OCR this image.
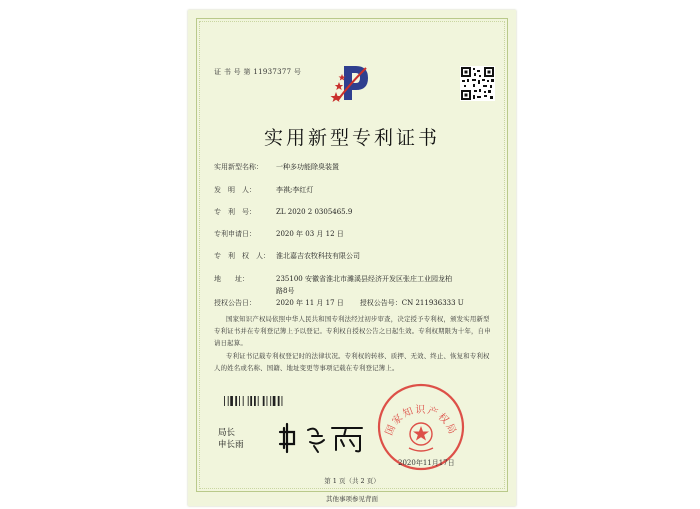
证 书 号 第 11937377 号
实用新型专利证书
实用新型名称： 一种多功能除臭装置
发　明　人：	李祺;李红灯
专　利　号：	ZL 2020 2 0305465.9
专利申请日：	2020 年 03 月 12 日
专　利　权　人： 淮北嘉吉农牧科技有限公司
地　　址：	235100 安徽省淮北市濉溪县经济开发区张庄工业园龙柏
路8号
授权公告日：	2020 年 11 月 17 日 授权公告号：CN 211936333 U
国家知识产权局依照中华人民共和国专利法经过初步审查，决定授予专利权，颁发实用新型专利证书并在专利登记簿上予以登记。专利权自授权公告之日起生效。专利权期限为十年，自申请日起算。
专利证书记载专利权登记时的法律状况。专利权的转移、质押、无效、终止、恢复和专利权人的姓名或名称、国籍、地址变更等事项记载在专利登记簿上。
局长
申长雨
国家知识产权局
2020年11月17日
第 1 页（共 2 页）
其他事项参见背面
